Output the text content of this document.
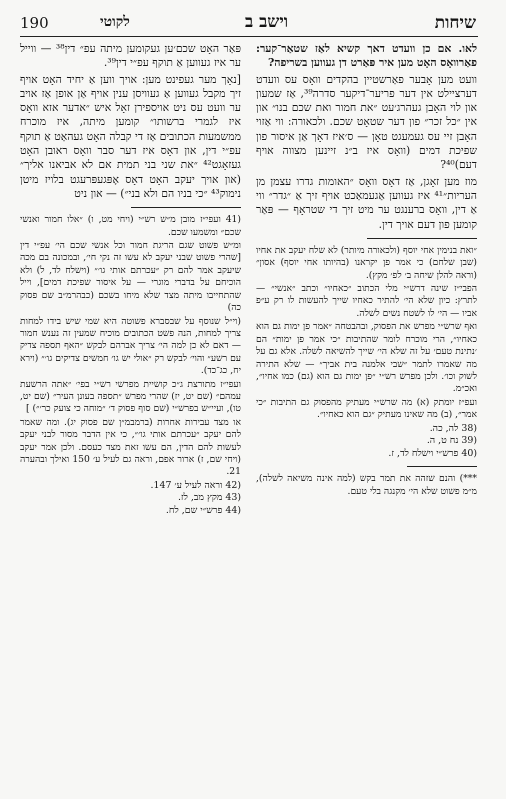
190	לקוטי	וישב ב	שיחות

לאו. אם כן וועדט דאך קשיא לאַז שטאַר־קער: פאַרוואָס האָט מען איר פּאַרט דן געווען בשריפה?

וועט מען אָבער פאַרשטיין בהקדים וואָס עס וועדט דערציילט אין דער פריער־דיקער סדרה³⁹, אַז שמעון און לוי האָבן געהרג׳עט ״את חמור ואת שכם בנו״ און אין ״כל זכר״ פון דער שטאָט שכם. ולכאורה: ווי אַזוי האָבן זיי עס געמעגט טאָן — ס׳איז דאָך אַן איסור פון שפיכת דמים (וואָס איז ב״נ זיינען מצווה אויף דעם)⁴⁰?

מוז מען זאָגן, אַז דאָס וואָס ״האומות גדרו עצמן מן העריות״⁴¹ איז געווען אַגעמאַכט אויף זיך אַ ״גדר״ ווי אַ דין, וואָס ברענגט ער מיט זיך די שטראָף — פּאַר קומען פון דעם אויך דין.

״ואת בנימין אחי יוסף (ולכאורה מיותר) לא שלח יעקב את אחיו (שבן שלחם) כי אמר פן יקראנו (בהיותו אחי יוסף) אסון״ (וראה להלן שיחה ב׳ לפ׳ מקץ).

הפבי״ז שינה דרש״י מלי הכתוב ״כאחיו״ וכתב ״אנשי״ — לתרץ: כיון שלא הי׳ להתיר כאחיו שייך להעשות לו רק ע״פ אביו — הי׳ לו לשטח נשים לשלה.

ואף שרש״י מפרש את הפסוק, ובהבטחה ״אמר פן ימות גם הוא כאחיו״, הרי מוכרח לומר שהתיבות ״כי אמר פן ימות״ הם ׳נתינת טעם׳ על זה שלא הי׳ שייך להשיאה לשלה. אלא גם על מה שאמרו לתמר ״שבי אלמנה בית אביך״ — שלא התירה לשוק וכו׳. ולכן מפרש רש״י ״פן ימות גם הוא (גם) כמו אחיו״, ואכ״מ.

ועפ״ז יומתק (א) מה שרש״י מעתיק מהפסוק גם התיבות ״כי אמר״, (ב) מה שאינו מעתיק ״גם הוא כאחיו״.

(38 לה, כה.

(39 נח ט, ה.

(40 פרש״י וישלח לד, ז.

***) והנם שזהה את תמר בקש (למה אינה משיאה לשלה), מ״מ פשוט שלא הי׳ מקנגה בלי טעם.

פּאַר האָט שכם׳ען געקומען מיתה עפ״ דין³⁸ — ווייל ער איז געווען אַ תוקף עפ״י דין³⁹.

[נאָך מער געפינט מען: אויך ווען אַ יחיד האָט אויף זיך מקבל געווען אַ געוויסן ענין אויף אַן אופן אַז אויב ער וועט עס ניט אויספירן זאָל איש ״אדער אזא וואָס איז לגמרי ברשותו״ קומען מיתה, איז מוכרח ממשמעות הכתובים אַז די קבלה האָט געהאַט אַ תוקף עפ״י דין, און דאָס איז דער סבר וואָס ראובן האָט געזאָגט⁴² ״את שני בני תמית אם לא אביאנו אליך״ (און אויך יעקב האָט דאָס אָפּגעפּרעגט בלויז מיטן נימוק⁴³ ״כי בניו הם ולא בני״) — און ניט

(41 ועפי״ז מובן מ״ש רש״י (ויחי מט, ו) ״אלו חמור ואנשי שכם״ ומשמעו שכם.

ומ״ש פשוט שגם הריגת חמור וכל אנשי שכם הי׳ עפ״י דין [שהרי פשוט שבני יעקב לא עשו זה נקי חי׳, ובמכונה בם מכה שיעקב אמר להם רק ״עכרתם אותי גו׳״ (וישלח לד, ל) ולא הוכיחם על בדברי מוגרי — על איסור שפיכת דמים], וייל שהתחייבו מיתה מצד שלא מיחו בשכם (כבהרמ״ב שם פסוק כה)

(וי״ל שנוסף על שבסברא פשוטה היא שמי שיש בידו למחות צריך למחות, הנה פשט הכתובים מוכיח שמעין זה נענש חמור — דאם לא כן למה הי׳ צריך אברהם לבקש ״האף תספה צדיק עם רשע״ והוי׳ לבקש רק ״אולי יש גו׳ חמשים צדיקים גו׳״ (וירא יח, כג־כד).

ועפי״ז מתורצת ג״כ קושיית מפרשי רש״י בפי׳ ״אתה הרשעת עמהם״ (שם יט, יז) שהרי מפרש ״תספה בעונן העיר״ (שם יט, טו), ועיי״ש בפרש״י (שם סוף פסוק ד׳ ״מוחה כי צועק כר׳״) ]

או מצד עבירות אחרות (ברמבמ״ן שם פסוק יג). ומה שאמר להם יעקב ״עכרתם אותי גו׳״, כי אין הדבר מסור לבני יעקב לעשות להם הדין, הם עשו זאת מצד כעסם. ולכן אמר יעקב (ויחי שם, ז) ארור אפם, וראה גם לעיל ע׳ 150 ואילך ובהערה 21.

(42 וראה לעיל ע׳ 147.

(43 מקץ מב, לז.

(44 פרש״י שם, לח.
